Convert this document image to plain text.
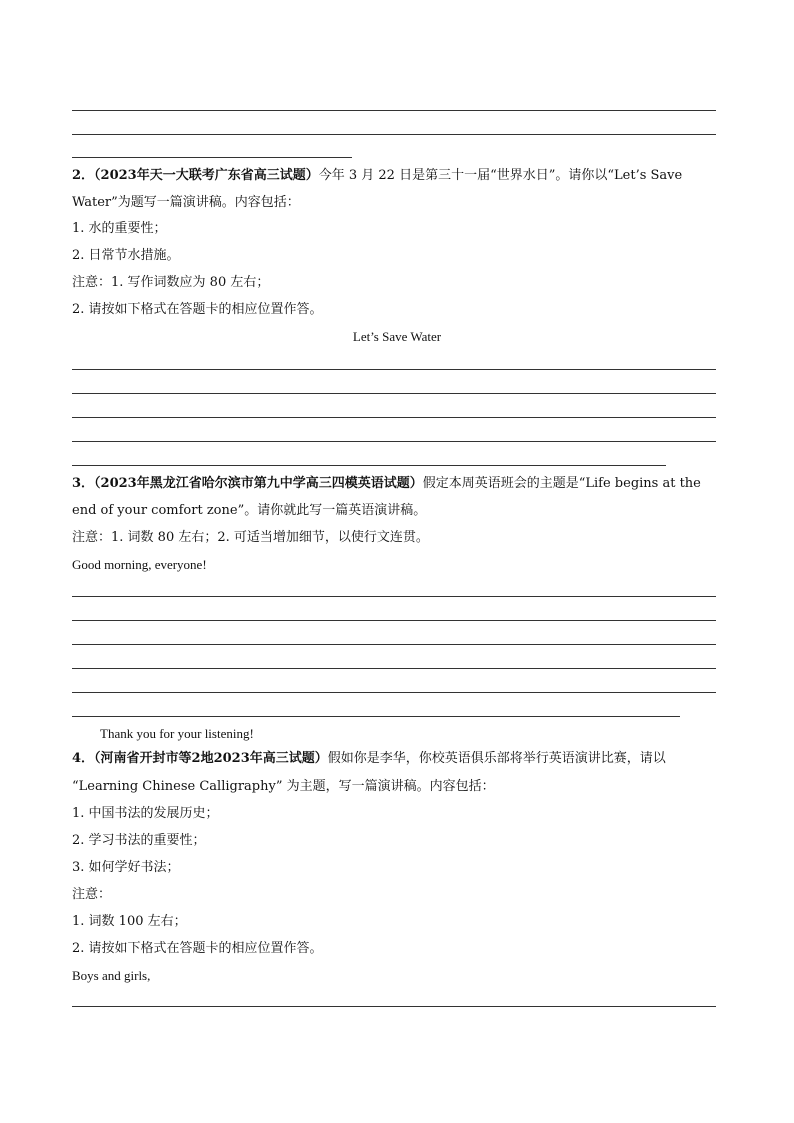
2．（2023年天一大联考广东省高三试题）今年 3 月 22 日是第三十一届“世界水日”。请你以“Let’s Save
Water”为题写一篇演讲稿。内容包括：
1. 水的重要性；
2. 日常节水措施。
注意：1. 写作词数应为 80 左右；
2. 请按如下格式在答题卡的相应位置作答。
Let’s Save Water
3．（2023年黑龙江省哈尔滨市第九中学高三四模英语试题）假定本周英语班会的主题是“Life begins at the
end of your comfort zone”。请你就此写一篇英语演讲稿。
注意：1. 词数 80 左右；2. 可适当增加细节，以使行文连贯。
Good morning, everyone!
Thank you for your listening!
4．（河南省开封市等2地2023年高三试题）假如你是李华，你校英语俱乐部将举行英语演讲比赛，请以
“Learning Chinese Calligraphy” 为主题，写一篇演讲稿。内容包括：
1. 中国书法的发展历史；
2. 学习书法的重要性；
3. 如何学好书法；
注意：
1. 词数 100 左右；
2. 请按如下格式在答题卡的相应位置作答。
Boys and girls,
